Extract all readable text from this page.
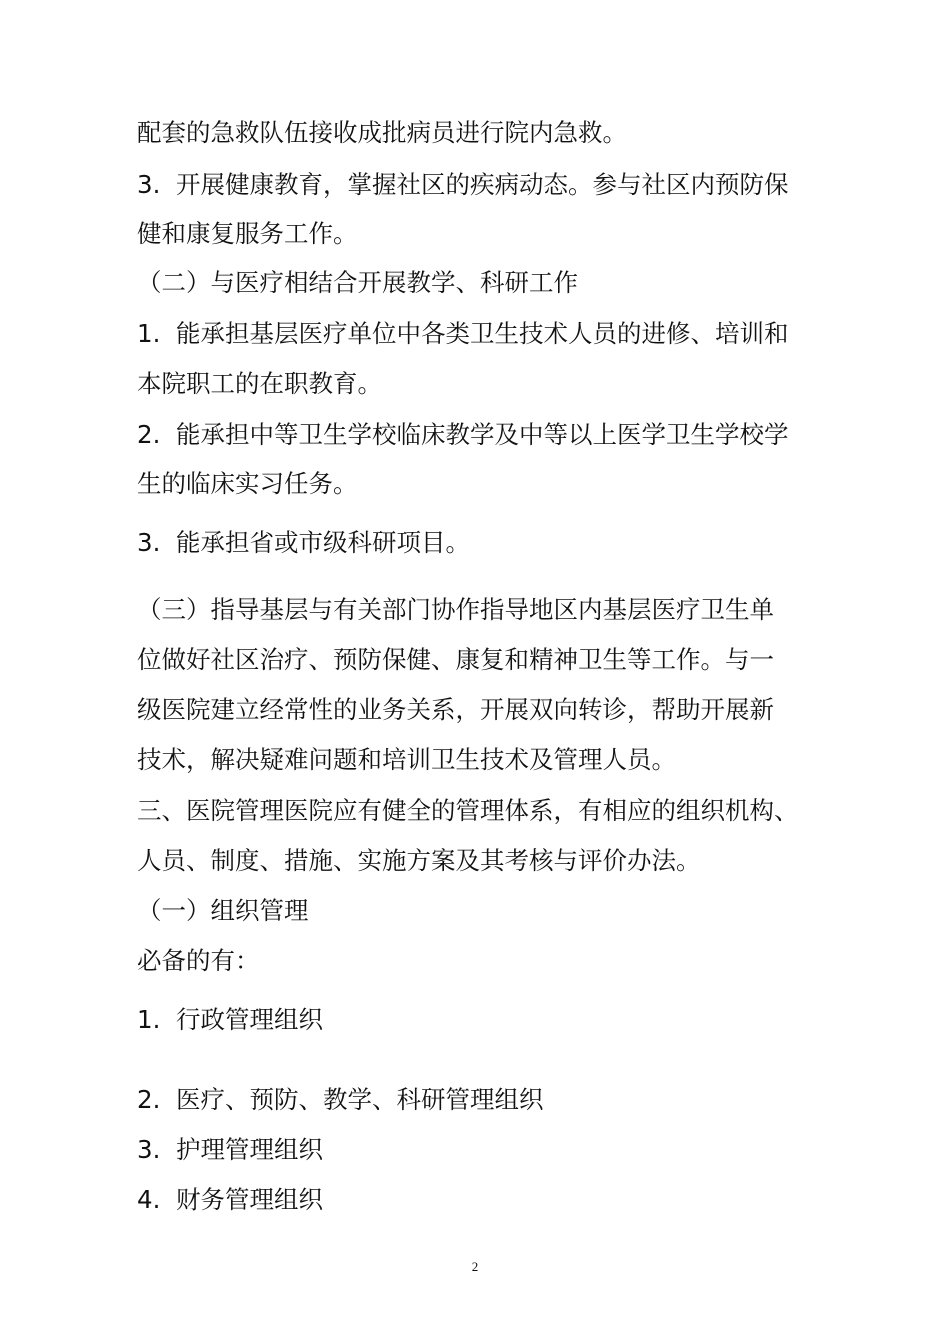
配套的急救队伍接收成批病员进行院内急救。
3. 开展健康教育，掌握社区的疾病动态。参与社区内预防保
健和康复服务工作。
（二）与医疗相结合开展教学、科研工作
1. 能承担基层医疗单位中各类卫生技术人员的进修、培训和
本院职工的在职教育。
2. 能承担中等卫生学校临床教学及中等以上医学卫生学校学
生的临床实习任务。
3. 能承担省或市级科研项目。
（三）指导基层与有关部门协作指导地区内基层医疗卫生单
位做好社区治疗、预防保健、康复和精神卫生等工作。与一
级医院建立经常性的业务关系，开展双向转诊，帮助开展新
技术，解决疑难问题和培训卫生技术及管理人员。
三、医院管理医院应有健全的管理体系，有相应的组织机构、
人员、制度、措施、实施方案及其考核与评价办法。
（一）组织管理
必备的有：
1. 行政管理组织
2. 医疗、预防、教学、科研管理组织
3. 护理管理组织
4. 财务管理组织
2
